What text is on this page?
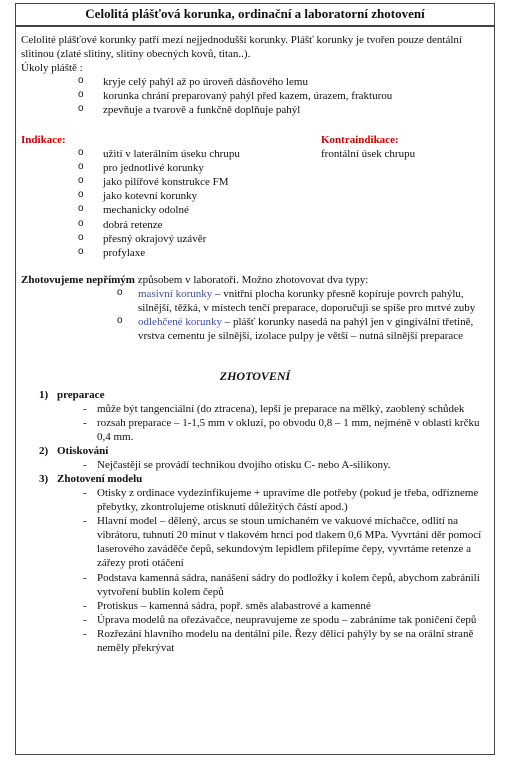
Celolitá plášťová korunka, ordinační a laboratorní zhotovení

Celolité plášťové korunky patří mezi nejjednodušší korunky. Plášť korunky je tvořen pouze dentální slitinou (zlaté slitiny, slitiny obecných kovů, titan..).

Úkoly pláště :

o kryje celý pahýl až po úroveň dásňového lemu
o korunka chrání preparovaný pahýl před kazem, úrazem, frakturou
o zpevňuje a tvarově a funkčně doplňuje pahýl

Indikace:

o užití v laterálním úseku chrupu
o pro jednotlivé korunky
o jako pilířové konstrukce FM
o jako kotevní korunky
o mechanicky odolné
o dobrá retenze
o přesný okrajový uzávěr
o profylaxe

Kontraindikace:

frontální úsek chrupu

Zhotovujeme nepřímým způsobem v laboratoři. Možno zhotovovat dva typy:

o masivní korunky – vnitřní plocha korunky přesně kopíruje povrch pahýlu, silnější, těžká, v místech tenčí preparace, doporučuji se spíše pro mrtvé zuby
o odlehčené korunky – plášť korunky nasedá na pahýl jen v gingivální třetině, vrstva cementu je silnější, izolace pulpy je větší – nutná silnější preparace

ZHOTOVENÍ

1) preparace
- může být tangenciální (do ztracena), lepší je preparace na mělký, zaoblený schůdek
- rozsah preparace – 1-1,5 mm v okluzi, po obvodu 0,8 – 1 mm, nejméně v oblasti krčku 0,4 mm.
2) Otiskování
- Nejčastěji se provádí technikou dvojího otisku C- nebo A-silikony.
3) Zhotovení modelu
- Otisky z ordinace vydezinfikujeme + upravíme dle potřeby (pokud je třeba, odřízneme přebytky, zkontrolujeme otisknutí důležitých částí apod.)
- Hlavní model – dělený, arcus se stoun umíchaném ve vakuové míchačce, odlití na vibrátoru, tuhnutí 20 minut v tlakovém hrnci pod tlakem 0,6 MPa. Vyvrtání děr pomocí laserového zaváděče čepů, sekundovým lepidlem přilepíme čepy, vyvrtáme retenze a zářezy proti otáčení
- Podstava kamenná sádra, nanášení sádry do podložky i kolem čepů, abychom zabránili vytvoření bublin kolem čepů
- Protiskus – kamenná sádra, popř. směs alabastrové a kamenné
- Úprava modelů na ořezávačce, neupravujeme ze spodu – zabráníme tak poničení čepů
- Rozřezání hlavního modelu na dentální pile. Řezy dělící pahýly by se na orální straně neměly překrývat
